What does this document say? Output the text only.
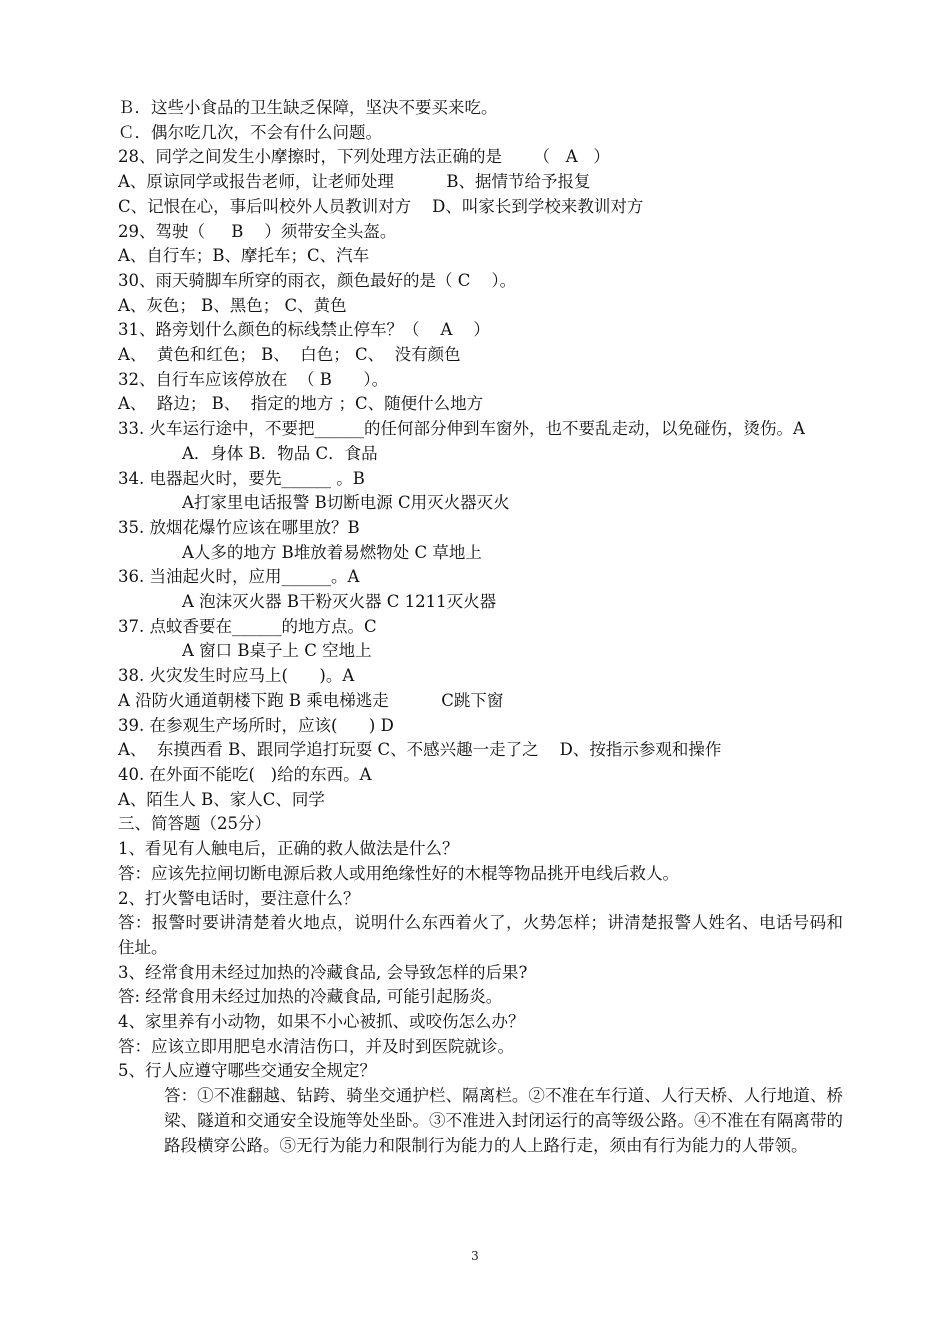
Ｂ．这些小食品的卫生缺乏保障，坚决不要买来吃。
Ｃ．偶尔吃几次，不会有什么问题。
28、同学之间发生小摩擦时，下列处理方法正确的是      （   A   ）
A、原谅同学或报告老师，让老师处理          B、据情节给予报复
C、记恨在心，事后叫校外人员教训对方    D、叫家长到学校来教训对方
29、驾驶（     B    ）须带安全头盔。
A、自行车；B、摩托车；C、汽车
30、雨天骑脚车所穿的雨衣，颜色最好的是（ C    ）。
A、灰色； B、黑色； C、黄色
31、路旁划什么颜色的标线禁止停车？（    A    ）
A、  黄色和红色； B、  白色； C、  没有颜色
32、自行车应该停放在  （ B      ）。
A、  路边； B、  指定的地方 ；C、随便什么地方
33. 火车运行途中，不要把______的任何部分伸到车窗外，也不要乱走动，以免碰伤，烫伤。A
A．身体 B．物品 C．食品
34. 电器起火时，要先______ 。B
A打家里电话报警 B切断电源 C用灭火器灭火
35. 放烟花爆竹应该在哪里放？B
A人多的地方 B堆放着易燃物处 C 草地上
36. 当油起火时，应用______。A
A 泡沫灭火器 B干粉灭火器 C 1211灭火器
37. 点蚊香要在______的地方点。C
A 窗口 B桌子上 C 空地上
38. 火灾发生时应马上(      )。A
A 沿防火通道朝楼下跑 B 乘电梯逃走          C跳下窗
39. 在参观生产场所时，应该(      ) D
A、  东摸西看 B、跟同学追打玩耍 C、不感兴趣一走了之    D、按指示参观和操作
40. 在外面不能吃(   )给的东西。A
A、陌生人 B、家人C、同学
三、简答题（25分）
1、看见有人触电后，正确的救人做法是什么？
答：应该先拉闸切断电源后救人或用绝缘性好的木棍等物品挑开电线后救人。
2、打火警电话时，要注意什么？
答：报警时要讲清楚着火地点，说明什么东西着火了，火势怎样；讲清楚报警人姓名、电话号码和住址。
3、经常食用未经过加热的冷藏食品, 会导致怎样的后果?
答: 经常食用未经过加热的冷藏食品, 可能引起肠炎。
4、家里养有小动物，如果不小心被抓、或咬伤怎么办？
答：应该立即用肥皂水清洁伤口，并及时到医院就诊。
5、行人应遵守哪些交通安全规定？
答：①不准翻越、钻跨、骑坐交通护栏、隔离栏。②不准在车行道、人行天桥、人行地道、桥梁、隧道和交通安全设施等处坐卧。③不准进入封闭运行的高等级公路。④不准在有隔离带的路段横穿公路。⑤无行为能力和限制行为能力的人上路行走，须由有行为能力的人带领。
3
